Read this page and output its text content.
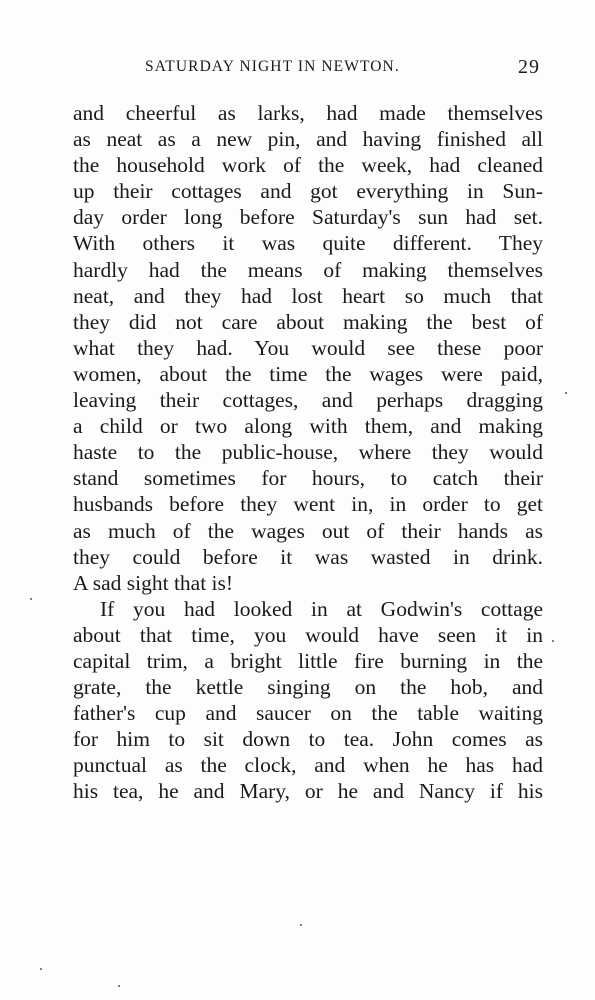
SATURDAY NIGHT IN NEWTON.	29
and cheerful as larks, had made themselves
as neat as a new pin, and having finished all
the household work of the week, had cleaned
up their cottages and got everything in Sun-
day order long before Saturday's sun had set.
With others it was quite different. They
hardly had the means of making themselves
neat, and they had lost heart so much that
they did not care about making the best of
what they had. You would see these poor
women, about the time the wages were paid,
leaving their cottages, and perhaps dragging
a child or two along with them, and making
haste to the public-house, where they would
stand sometimes for hours, to catch their
husbands before they went in, in order to get
as much of the wages out of their hands as
they could before it was wasted in drink.
A sad sight that is!
If you had looked in at Godwin's cottage
about that time, you would have seen it in
capital trim, a bright little fire burning in the
grate, the kettle singing on the hob, and
father's cup and saucer on the table waiting
for him to sit down to tea. John comes as
punctual as the clock, and when he has had
his tea, he and Mary, or he and Nancy if his
